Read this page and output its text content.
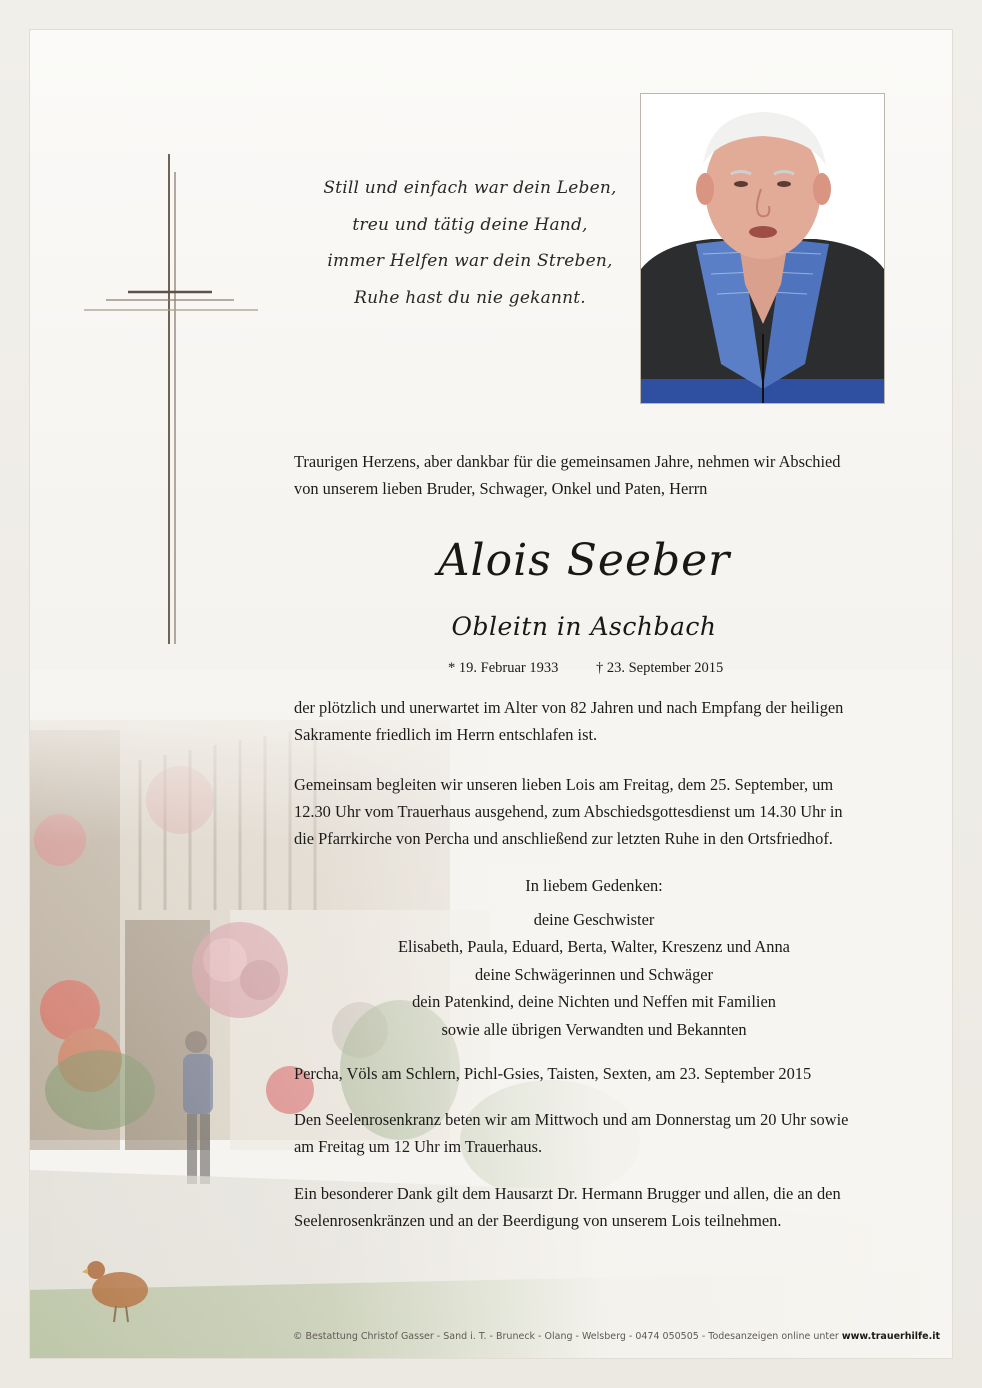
Still und einfach war dein Leben,
treu und tätig deine Hand,
immer Helfen war dein Streben,
Ruhe hast du nie gekannt.
Traurigen Herzens, aber dankbar für die gemeinsamen Jahre, nehmen wir Abschied
von unserem lieben Bruder, Schwager, Onkel und Paten, Herrn
Alois Seeber
Obleitn in Aschbach
* 19. Februar 1933	† 23. September 2015
der plötzlich und unerwartet im Alter von 82 Jahren und nach Empfang der heiligen
Sakramente friedlich im Herrn entschlafen ist.
Gemeinsam begleiten wir unseren lieben Lois am Freitag, dem 25. September, um
12.30 Uhr vom Trauerhaus ausgehend, zum Abschiedsgottesdienst um 14.30 Uhr in
die Pfarrkirche von Percha und anschließend zur letzten Ruhe in den Ortsfriedhof.
In liebem Gedenken:
deine Geschwister
Elisabeth, Paula, Eduard, Berta, Walter, Kreszenz und Anna
deine Schwägerinnen und Schwäger
dein Patenkind, deine Nichten und Neffen mit Familien
sowie alle übrigen Verwandten und Bekannten
Percha, Völs am Schlern, Pichl-Gsies, Taisten, Sexten, am 23. September 2015
Den Seelenrosenkranz beten wir am Mittwoch und am Donnerstag um 20 Uhr sowie
am Freitag um 12 Uhr im Trauerhaus.
Ein besonderer Dank gilt dem Hausarzt Dr. Hermann Brugger und allen, die an den
Seelenrosenkränzen und an der Beerdigung von unserem Lois teilnehmen.
© Bestattung Christof Gasser - Sand i. T. - Bruneck - Olang - Welsberg - 0474 050505 - Todesanzeigen online unter www.trauerhilfe.it
